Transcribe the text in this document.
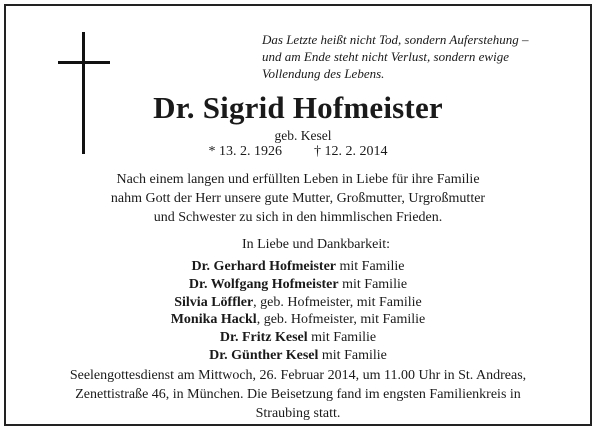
Das Letzte heißt nicht Tod, sondern Auferstehung –
und am Ende steht nicht Verlust, sondern ewige
Vollendung des Lebens.
Dr. Sigrid Hofmeister
geb. Kesel
* 13. 2. 1926 † 12. 2. 2014
Nach einem langen und erfüllten Leben in Liebe für ihre Familie
nahm Gott der Herr unsere gute Mutter, Großmutter, Urgroßmutter
und Schwester zu sich in den himmlischen Frieden.
In Liebe und Dankbarkeit:
Dr. Gerhard Hofmeister mit Familie
Dr. Wolfgang Hofmeister mit Familie
Silvia Löffler, geb. Hofmeister, mit Familie
Monika Hackl, geb. Hofmeister, mit Familie
Dr. Fritz Kesel mit Familie
Dr. Günther Kesel mit Familie
Seelengottesdienst am Mittwoch, 26. Februar 2014, um 11.00 Uhr in St. Andreas,
Zenettistraße 46, in München. Die Beisetzung fand im engsten Familienkreis in
Straubing statt.
